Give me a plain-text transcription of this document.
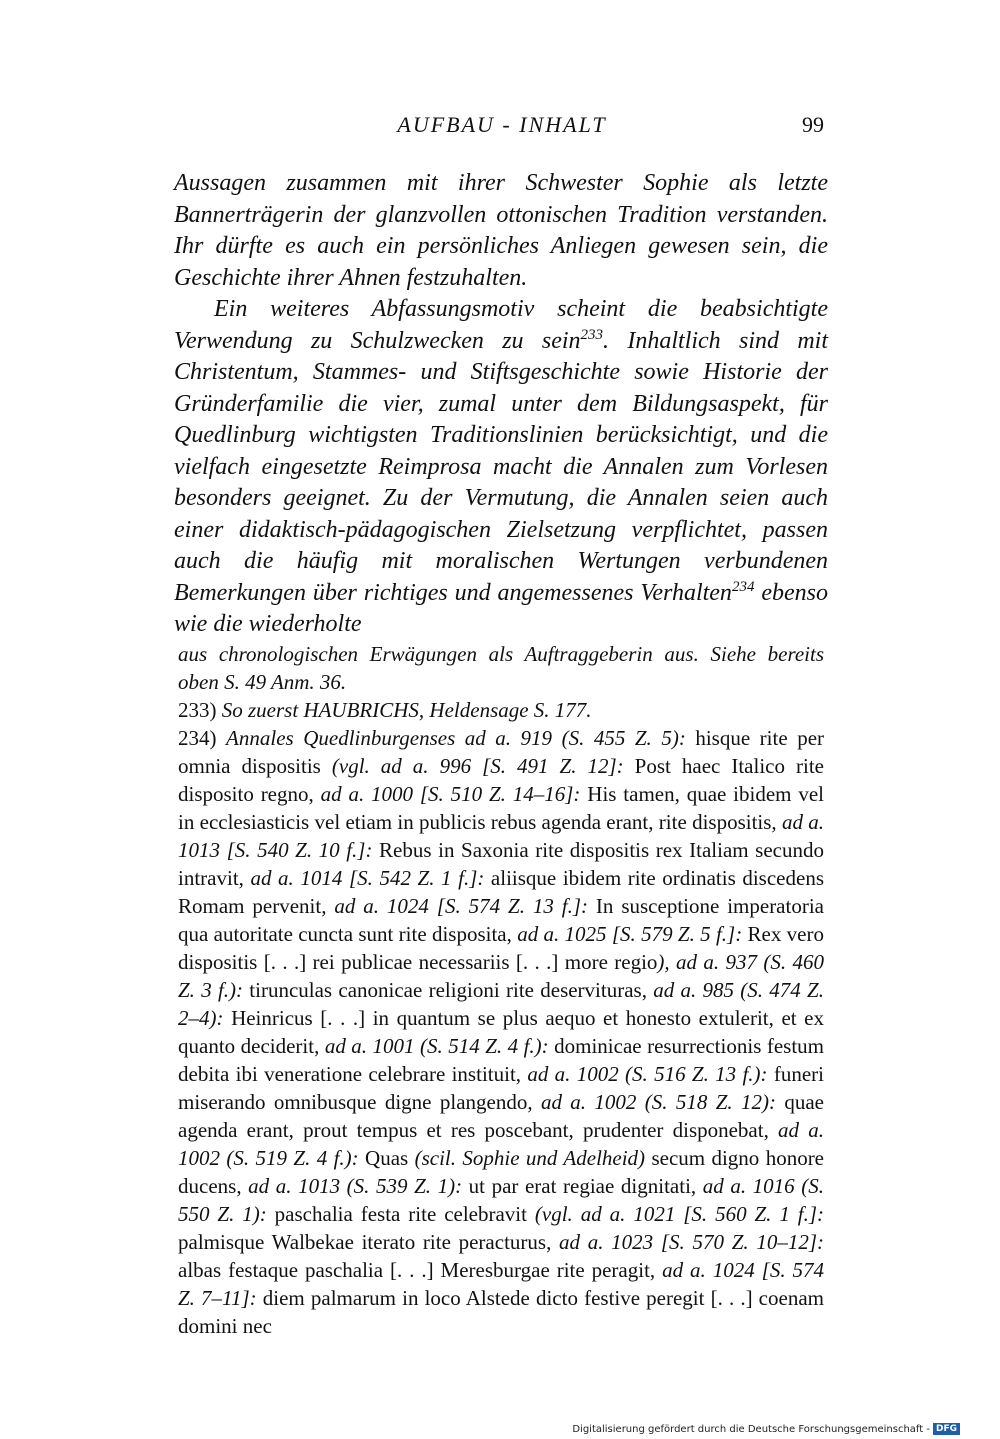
AUFBAU - INHALT	99

Aussagen zusammen mit ihrer Schwester Sophie als letzte Bannerträgerin der glanzvollen ottonischen Tradition verstanden. Ihr dürfte es auch ein persönliches Anliegen gewesen sein, die Geschichte ihrer Ahnen festzuhalten.

Ein weiteres Abfassungsmotiv scheint die beabsichtigte Verwendung zu Schulzwecken zu sein$^{233}$. Inhaltlich sind mit Christentum, Stammes- und Stiftsgeschichte sowie Historie der Gründerfamilie die vier, zumal unter dem Bildungsaspekt, für Quedlinburg wichtigsten Traditionslinien berücksichtigt, und die vielfach eingesetzte Reimprosa macht die Annalen zum Vorlesen besonders geeignet. Zu der Vermutung, die Annalen seien auch einer didaktisch-pädagogischen Zielsetzung verpflichtet, passen auch die häufig mit moralischen Wertungen verbundenen Bemerkungen über richtiges und angemessenes Verhalten$^{234}$ ebenso wie die wiederholte

aus chronologischen Erwägungen als Auftraggeberin aus. Siehe bereits oben S. 49 Anm. 36.

233) So zuerst HAUBRICHS, Heldensage S. 177.

234) Annales Quedlinburgenses ad a. 919 (S. 455 Z. 5): hisque rite per omnia dispositis (vgl. ad a. 996 [S. 491 Z. 12]: Post haec Italico rite disposito regno, ad a. 1000 [S. 510 Z. 14–16]: His tamen, quae ibidem vel in ecclesiasticis vel etiam in publicis rebus agenda erant, rite dispositis, ad a. 1013 [S. 540 Z. 10 f.]: Rebus in Saxonia rite dispositis rex Italiam secundo intravit, ad a. 1014 [S. 542 Z. 1 f.]: aliisque ibidem rite ordinatis discedens Romam pervenit, ad a. 1024 [S. 574 Z. 13 f.]: In susceptione imperatoria qua autoritate cuncta sunt rite disposita, ad a. 1025 [S. 579 Z. 5 f.]: Rex vero dispositis [. . .] rei publicae necessariis [. . .] more regio), ad a. 937 (S. 460 Z. 3 f.): tirunculas canonicae religioni rite deservituras, ad a. 985 (S. 474 Z. 2–4): Heinricus [. . .] in quantum se plus aequo et honesto extulerit, et ex quanto deciderit, ad a. 1001 (S. 514 Z. 4 f.): dominicae resurrectionis festum debita ibi veneratione celebrare instituit, ad a. 1002 (S. 516 Z. 13 f.): funeri miserando omnibusque digne plangendo, ad a. 1002 (S. 518 Z. 12): quae agenda erant, prout tempus et res poscebant, prudenter disponebat, ad a. 1002 (S. 519 Z. 4 f.): Quas (scil. Sophie und Adelheid) secum digno honore ducens, ad a. 1013 (S. 539 Z. 1): ut par erat regiae dignitati, ad a. 1016 (S. 550 Z. 1): paschalia festa rite celebravit (vgl. ad a. 1021 [S. 560 Z. 1 f.]: palmisque Walbekae iterato rite peracturus, ad a. 1023 [S. 570 Z. 10–12]: albas festaque paschalia [. . .] Meresburgae rite peragit, ad a. 1024 [S. 574 Z. 7–11]: diem palmarum in loco Alstede dicto festive peregit [. . .] coenam domini nec

Digitalisierung gefördert durch die Deutsche Forschungsgemeinschaft - DFG
